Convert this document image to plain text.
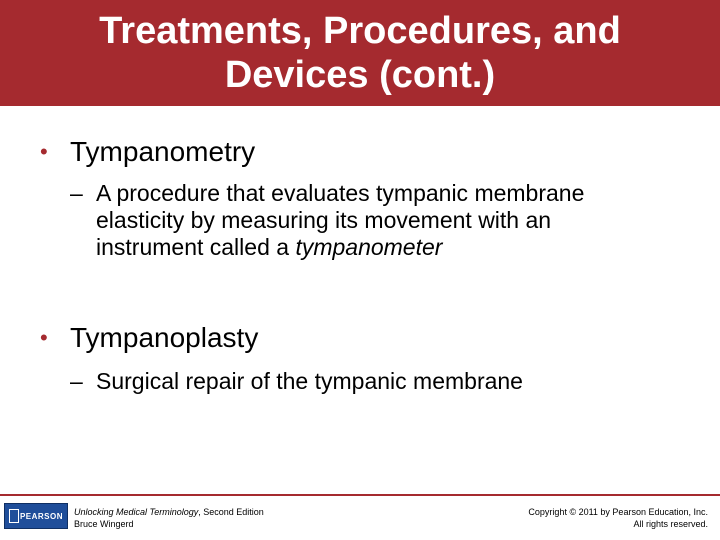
Treatments, Procedures, and Devices (cont.)
• Tympanometry
– A procedure that evaluates tympanic membrane elasticity by measuring its movement with an instrument called a tympanometer
• Tympanoplasty
– Surgical repair of the tympanic membrane
PEARSON Unlocking Medical Terminology, Second Edition
Bruce Wingerd
Copyright © 2011 by Pearson Education, Inc.
All rights reserved.
